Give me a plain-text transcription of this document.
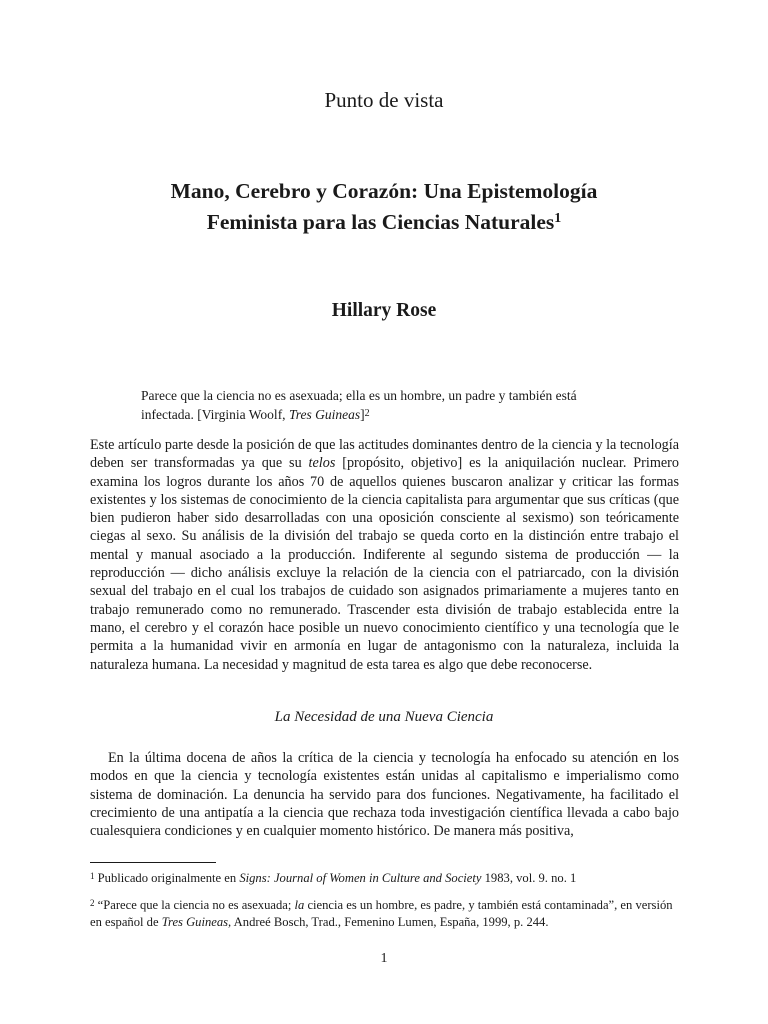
Punto de vista
Mano, Cerebro y Corazón: Una Epistemología
Feminista para las Ciencias Naturales$^1$

Hillary Rose

Parece que la ciencia no es asexuada; ella es un hombre, un padre y también está infectada. [Virginia Woolf, Tres Guineas]$^2$

Este artículo parte desde la posición de que las actitudes dominantes dentro de la ciencia y la tecnología deben ser transformadas ya que su telos [propósito, objetivo] es la aniquilación nuclear. Primero examina los logros durante los años 70 de aquellos quienes buscaron analizar y criticar las formas existentes y los sistemas de conocimiento de la ciencia capitalista para argumentar que sus críticas (que bien pudieron haber sido desarrolladas con una oposición consciente al sexismo) son teóricamente ciegas al sexo. Su análisis de la división del trabajo se queda corto en la distinción entre trabajo el mental y manual asociado a la producción. Indiferente al segundo sistema de producción — la reproducción — dicho análisis excluye la relación de la ciencia con el patriarcado, con la división sexual del trabajo en el cual los trabajos de cuidado son asignados primariamente a mujeres tanto en trabajo remunerado como no remunerado. Trascender esta división de trabajo establecida entre la mano, el cerebro y el corazón hace posible un nuevo conocimiento científico y una tecnología que le permita a la humanidad vivir en armonía en lugar de antagonismo con la naturaleza, incluida la naturaleza humana. La necesidad y magnitud de esta tarea es algo que debe reconocerse.

La Necesidad de una Nueva Ciencia

En la última docena de años la crítica de la ciencia y tecnología ha enfocado su atención en los modos en que la ciencia y tecnología existentes están unidas al capitalismo e imperialismo como sistema de dominación. La denuncia ha servido para dos funciones. Negativamente, ha facilitado el crecimiento de una antipatía a la ciencia que rechaza toda investigación científica llevada a cabo bajo cualesquiera condiciones y en cualquier momento histórico. De manera más positiva,

$^1$ Publicado originalmente en Signs: Journal of Women in Culture and Society 1983, vol. 9. no. 1

$^2$ “Parece que la ciencia no es asexuada; la ciencia es un hombre, es padre, y también está contaminada”, en versión en español de Tres Guineas, Andreé Bosch, Trad., Femenino Lumen, España, 1999, p. 244.

1
